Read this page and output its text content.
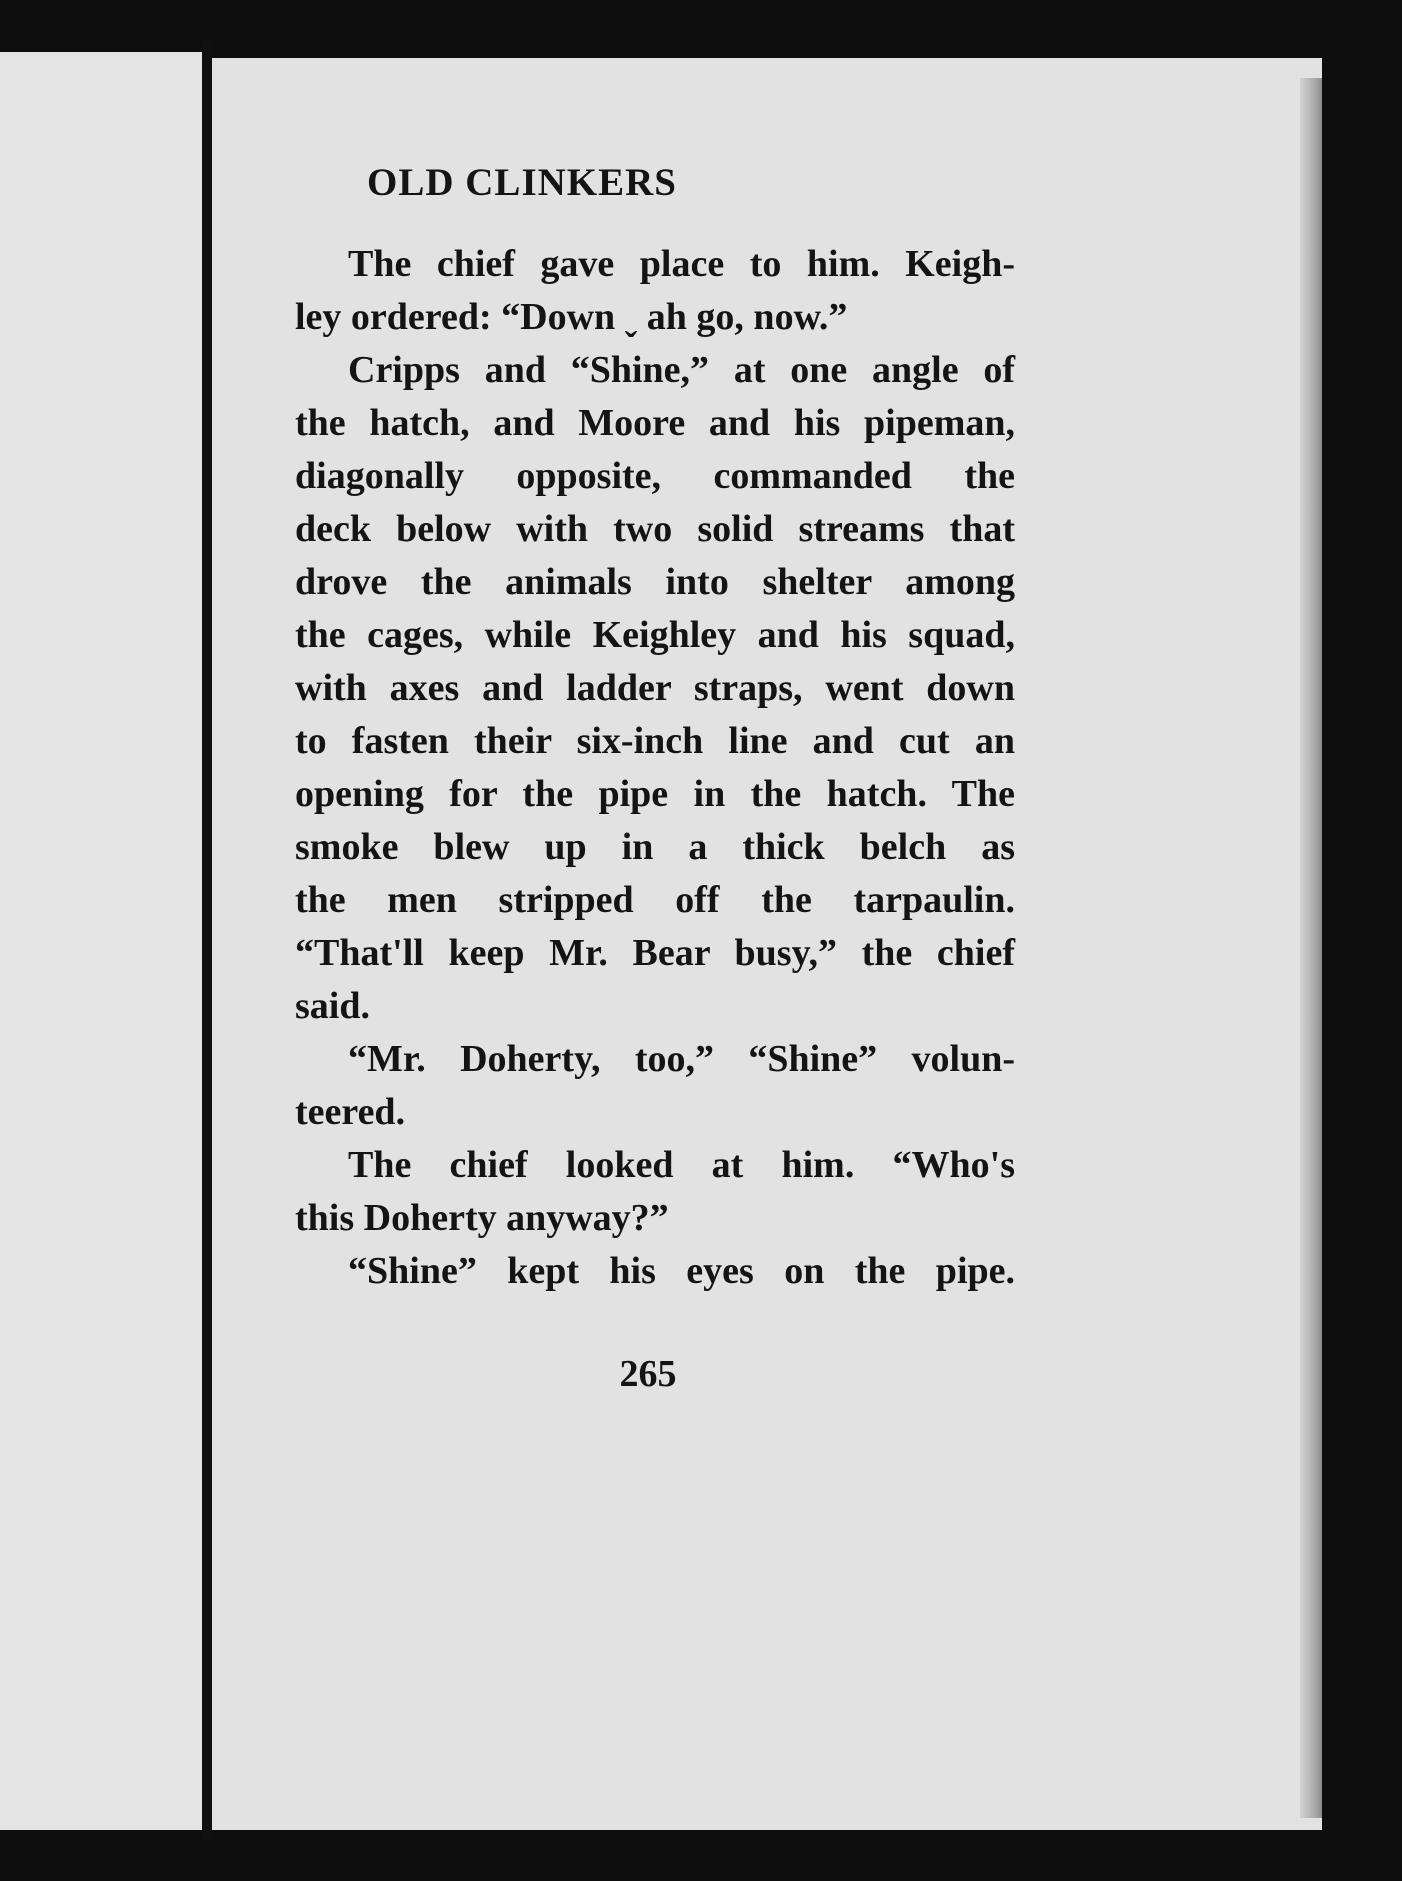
OLD CLINKERS
The chief gave place to him. Keigh-
ley ordered: “Down ˬ ah go, now.”
Cripps and “Shine,” at one angle of
the hatch, and Moore and his pipeman,
diagonally opposite, commanded the
deck below with two solid streams that
drove the animals into shelter among
the cages, while Keighley and his squad,
with axes and ladder straps, went down
to fasten their six-inch line and cut an
opening for the pipe in the hatch. The
smoke blew up in a thick belch as
the men stripped off the tarpaulin.
“That'll keep Mr. Bear busy,” the chief
said.
“Mr. Doherty, too,” “Shine” volun-
teered.
The chief looked at him. “Who's
this Doherty anyway?”
“Shine” kept his eyes on the pipe.
265
